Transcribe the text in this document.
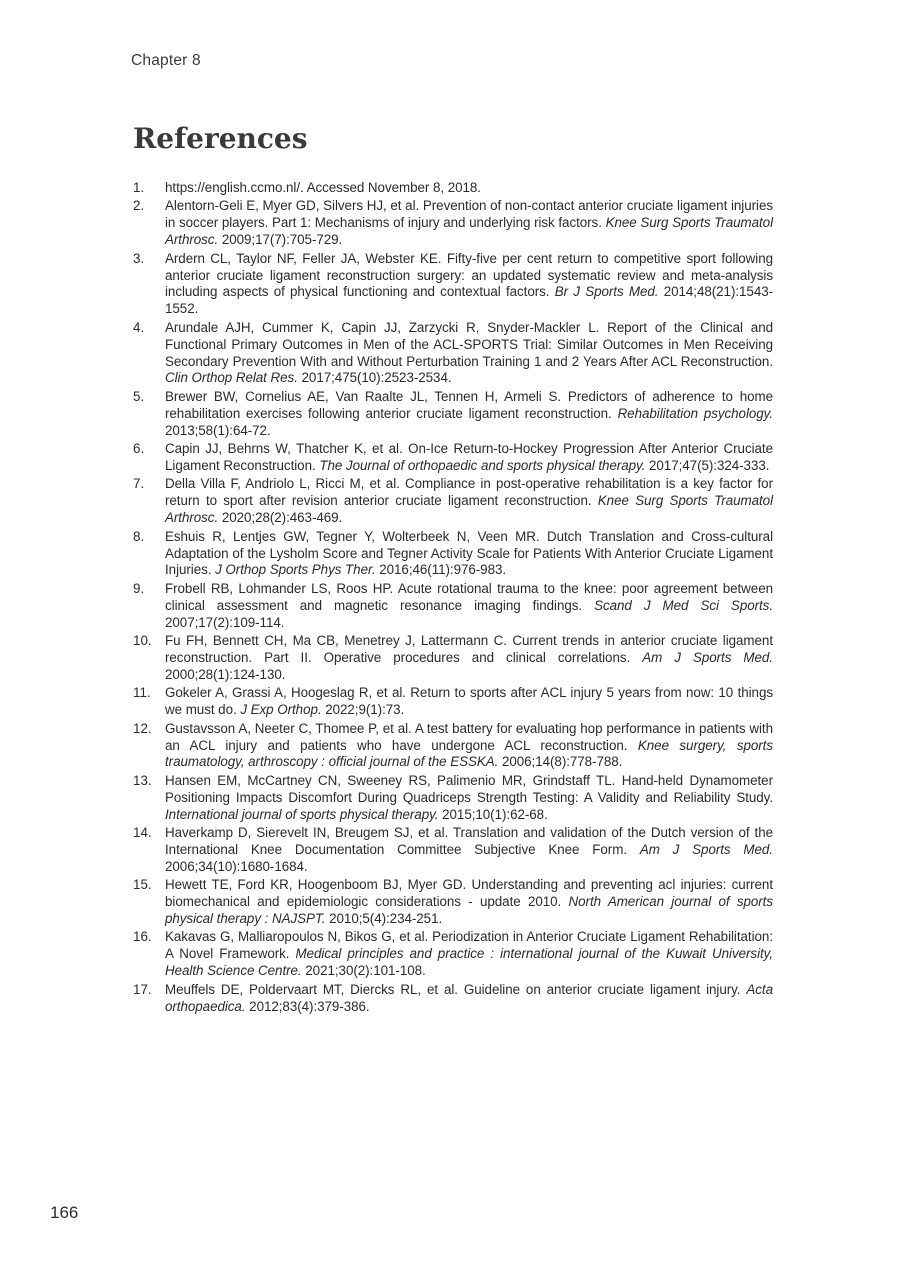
Chapter 8
References
1.	https://english.ccmo.nl/. Accessed November 8, 2018.
2.	Alentorn-Geli E, Myer GD, Silvers HJ, et al. Prevention of non-contact anterior cruciate ligament injuries in soccer players. Part 1: Mechanisms of injury and underlying risk factors. Knee Surg Sports Traumatol Arthrosc. 2009;17(7):705-729.
3.	Ardern CL, Taylor NF, Feller JA, Webster KE. Fifty-five per cent return to competitive sport following anterior cruciate ligament reconstruction surgery: an updated systematic review and meta-analysis including aspects of physical functioning and contextual factors. Br J Sports Med. 2014;48(21):1543-1552.
4.	Arundale AJH, Cummer K, Capin JJ, Zarzycki R, Snyder-Mackler L. Report of the Clinical and Functional Primary Outcomes in Men of the ACL-SPORTS Trial: Similar Outcomes in Men Receiving Secondary Prevention With and Without Perturbation Training 1 and 2 Years After ACL Reconstruction. Clin Orthop Relat Res. 2017;475(10):2523-2534.
5.	Brewer BW, Cornelius AE, Van Raalte JL, Tennen H, Armeli S. Predictors of adherence to home rehabilitation exercises following anterior cruciate ligament reconstruction. Rehabilitation psychology. 2013;58(1):64-72.
6.	Capin JJ, Behrns W, Thatcher K, et al. On-Ice Return-to-Hockey Progression After Anterior Cruciate Ligament Reconstruction. The Journal of orthopaedic and sports physical therapy. 2017;47(5):324-333.
7.	Della Villa F, Andriolo L, Ricci M, et al. Compliance in post-operative rehabilitation is a key factor for return to sport after revision anterior cruciate ligament reconstruction. Knee Surg Sports Traumatol Arthrosc. 2020;28(2):463-469.
8.	Eshuis R, Lentjes GW, Tegner Y, Wolterbeek N, Veen MR. Dutch Translation and Cross-cultural Adaptation of the Lysholm Score and Tegner Activity Scale for Patients With Anterior Cruciate Ligament Injuries. J Orthop Sports Phys Ther. 2016;46(11):976-983.
9.	Frobell RB, Lohmander LS, Roos HP. Acute rotational trauma to the knee: poor agreement between clinical assessment and magnetic resonance imaging findings. Scand J Med Sci Sports. 2007;17(2):109-114.
10. Fu FH, Bennett CH, Ma CB, Menetrey J, Lattermann C. Current trends in anterior cruciate ligament reconstruction. Part II. Operative procedures and clinical correlations. Am J Sports Med. 2000;28(1):124-130.
11.	Gokeler A, Grassi A, Hoogeslag R, et al. Return to sports after ACL injury 5 years from now: 10 things we must do. J Exp Orthop. 2022;9(1):73.
12. Gustavsson A, Neeter C, Thomee P, et al. A test battery for evaluating hop performance in patients with an ACL injury and patients who have undergone ACL reconstruction. Knee surgery, sports traumatology, arthroscopy : official journal of the ESSKA. 2006;14(8):778-788.
13. Hansen EM, McCartney CN, Sweeney RS, Palimenio MR, Grindstaff TL. Hand-held Dynamometer Positioning Impacts Discomfort During Quadriceps Strength Testing: A Validity and Reliability Study. International journal of sports physical therapy. 2015;10(1):62-68.
14. Haverkamp D, Sierevelt IN, Breugem SJ, et al. Translation and validation of the Dutch version of the International Knee Documentation Committee Subjective Knee Form. Am J Sports Med. 2006;34(10):1680-1684.
15. Hewett TE, Ford KR, Hoogenboom BJ, Myer GD. Understanding and preventing acl injuries: current biomechanical and epidemiologic considerations - update 2010. North American journal of sports physical therapy : NAJSPT. 2010;5(4):234-251.
16. Kakavas G, Malliaropoulos N, Bikos G, et al. Periodization in Anterior Cruciate Ligament Rehabilitation: A Novel Framework. Medical principles and practice : international journal of the Kuwait University, Health Science Centre. 2021;30(2):101-108.
17. Meuffels DE, Poldervaart MT, Diercks RL, et al. Guideline on anterior cruciate ligament injury. Acta orthopaedica. 2012;83(4):379-386.
166
